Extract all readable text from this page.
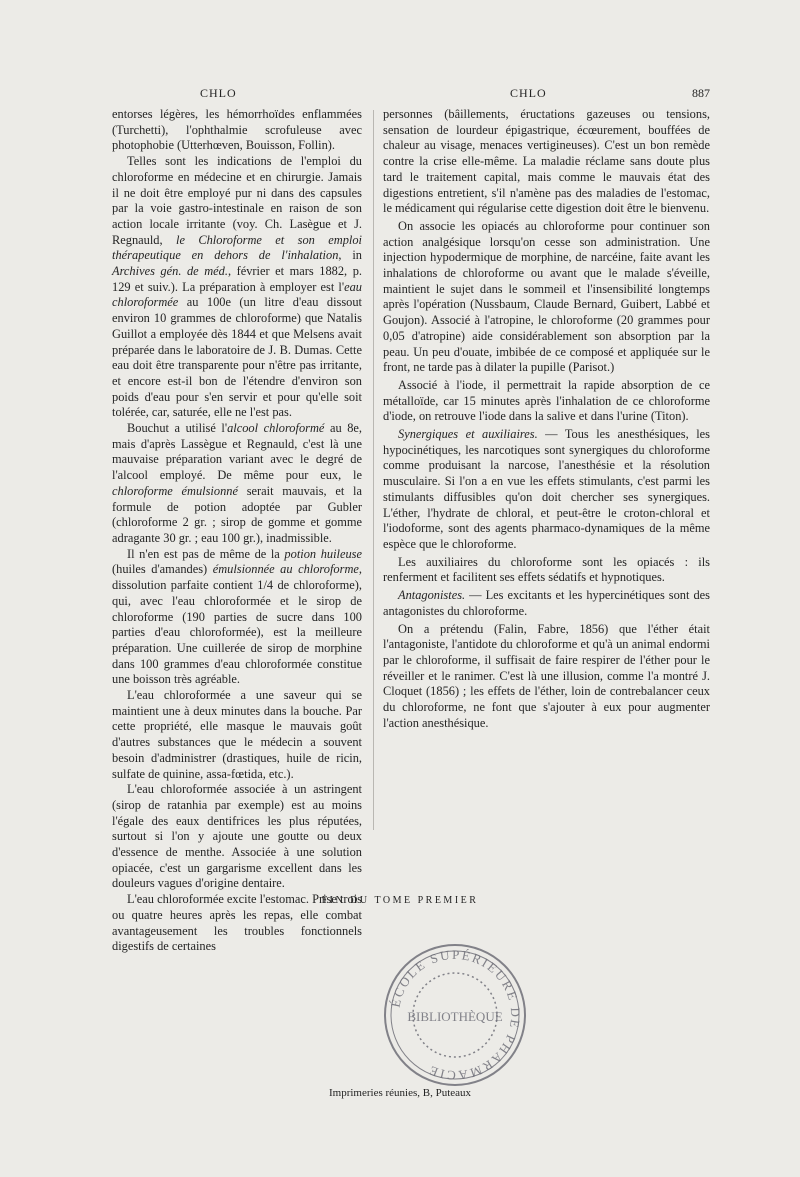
CHLO	CHLO	887

entorses légères, les hémorrhoïdes enflammées (Turchetti), l'ophthalmie scrofuleuse avec photophobie (Utterhœven, Bouisson, Follin).

Telles sont les indications de l'emploi du chloroforme en médecine et en chirurgie. Jamais il ne doit être employé pur ni dans des capsules par la voie gastro-intestinale en raison de son action locale irritante (voy. Ch. Lasègue et J. Regnauld, le Chloroforme et son emploi thérapeutique en dehors de l'inhalation, in Archives gén. de méd., février et mars 1882, p. 129 et suiv.). La préparation à employer est l'eau chloroformée au 100e (un litre d'eau dissout environ 10 grammes de chloroforme) que Natalis Guillot a employée dès 1844 et que Melsens avait préparée dans le laboratoire de J. B. Dumas. Cette eau doit être transparente pour n'être pas irritante, et encore est-il bon de l'étendre d'environ son poids d'eau pour s'en servir et pour qu'elle soit tolérée, car, saturée, elle ne l'est pas.

Bouchut a utilisé l'alcool chloroformé au 8e, mais d'après Lassègue et Regnauld, c'est là une mauvaise préparation variant avec le degré de l'alcool employé. De même pour eux, le chloroforme émulsionné serait mauvais, et la formule de potion adoptée par Gubler (chloroforme 2 gr. ; sirop de gomme et gomme adragante 30 gr. ; eau 100 gr.), inadmissible.

Il n'en est pas de même de la potion huileuse (huiles d'amandes) émulsionnée au chloroforme, dissolution parfaite contient 1/4 de chloroforme), qui, avec l'eau chloroformée et le sirop de chloroforme (190 parties de sucre dans 100 parties d'eau chloroformée), est la meilleure préparation. Une cuillerée de sirop de morphine dans 100 grammes d'eau chloroformée constitue une boisson très agréable.

L'eau chloroformée a une saveur qui se maintient une à deux minutes dans la bouche. Par cette propriété, elle masque le mauvais goût d'autres substances que le médecin a souvent besoin d'administrer (drastiques, huile de ricin, sulfate de quinine, assa-fœtida, etc.).

L'eau chloroformée associée à un astringent (sirop de ratanhia par exemple) est au moins l'égale des eaux dentifrices les plus réputées, surtout si l'on y ajoute une goutte ou deux d'essence de menthe. Associée à une solution opiacée, c'est un gargarisme excellent dans les douleurs vagues d'origine dentaire.

L'eau chloroformée excite l'estomac. Prise trois ou quatre heures après les repas, elle combat avantageusement les troubles fonctionnels digestifs de certaines

personnes (bâillements, éructations gazeuses ou tensions, sensation de lourdeur épigastrique, écœurement, bouffées de chaleur au visage, menaces vertigineuses). C'est un bon remède contre la crise elle-même. La maladie réclame sans doute plus tard le traitement capital, mais comme le mauvais état des digestions entretient, s'il n'amène pas des maladies de l'estomac, le médicament qui régularise cette digestion doit être le bienvenu.

On associe les opiacés au chloroforme pour continuer son action analgésique lorsqu'on cesse son administration. Une injection hypodermique de morphine, de narcéine, faite avant les inhalations de chloroforme ou avant que le malade s'éveille, maintient le sujet dans le sommeil et l'insensibilité longtemps après l'opération (Nussbaum, Claude Bernard, Guibert, Labbé et Goujon). Associé à l'atropine, le chloroforme (20 grammes pour 0,05 d'atropine) aide considérablement son absorption par la peau. Un peu d'ouate, imbibée de ce composé et appliquée sur le front, ne tarde pas à dilater la pupille (Parisot.)

Associé à l'iode, il permettrait la rapide absorption de ce métalloïde, car 15 minutes après l'inhalation de ce chloroforme d'iode, on retrouve l'iode dans la salive et dans l'urine (Titon).

Synergiques et auxiliaires. — Tous les anesthésiques, les hypocinétiques, les narcotiques sont synergiques du chloroforme comme produisant la narcose, l'anesthésie et la résolution musculaire. Si l'on a en vue les effets stimulants, c'est parmi les stimulants diffusibles qu'on doit chercher ses synergiques. L'éther, l'hydrate de chloral, et peut-être le croton-chloral et l'iodoforme, sont des agents pharmaco-dynamiques de la même espèce que le chloroforme.

Les auxiliaires du chloroforme sont les opiacés : ils renferment et facilitent ses effets sédatifs et hypnotiques.

Antagonistes. — Les excitants et les hypercinétiques sont des antagonistes du chloroforme.

On a prétendu (Falin, Fabre, 1856) que l'éther était l'antagoniste, l'antidote du chloroforme et qu'à un animal endormi par le chloroforme, il suffisait de faire respirer de l'éther pour le réveiller et le ranimer. C'est là une illusion, comme l'a montré J. Cloquet (1856) ; les effets de l'éther, loin de contrebalancer ceux du chloroforme, ne font que s'ajouter à eux pour augmenter l'action anesthésique.

FIN DU TOME PREMIER
ÉCOLE SUPÉRIEURE DE PHARMACIE
BIBLIOTHÈQUE
Imprimeries réunies, B, Puteaux
